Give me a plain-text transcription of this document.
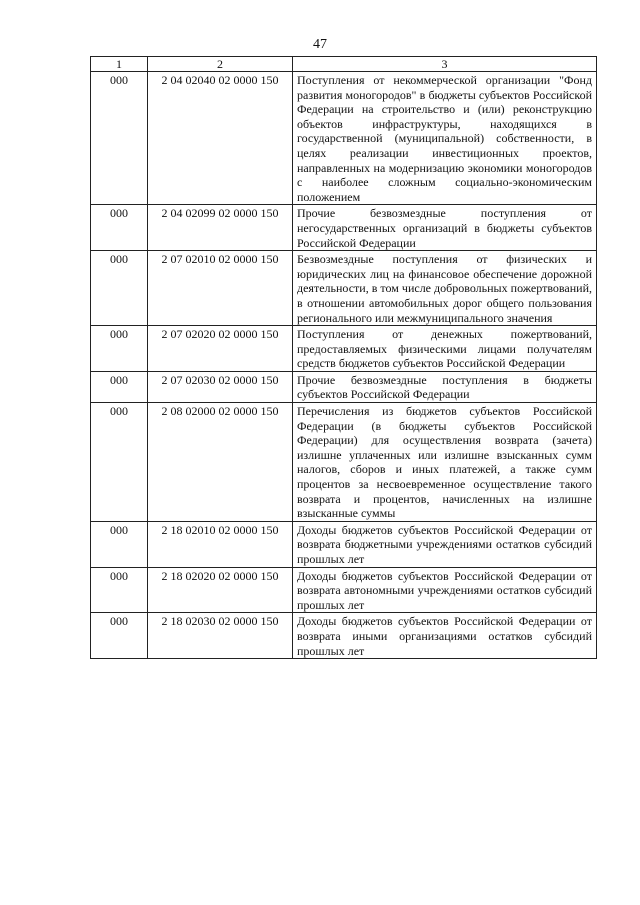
47
1	2	3
000	2 04 02040 02 0000 150	Поступления от некоммерческой организации "Фонд развития моногородов" в бюджеты субъектов Российской Федерации на строительство и (или) реконструкцию объектов инфраструктуры, находящихся в государственной (муниципальной) собственности, в целях реализации инвестиционных проектов, направленных на модернизацию экономики моногородов с наиболее сложным социально-экономическим положением
000	2 04 02099 02 0000 150	Прочие безвозмездные поступления от негосударственных организаций в бюджеты субъектов Российской Федерации
000	2 07 02010 02 0000 150	Безвозмездные поступления от физических и юридических лиц на финансовое обеспечение дорожной деятельности, в том числе добровольных пожертвований, в отношении автомобильных дорог общего пользования регионального или межмуниципального значения
000	2 07 02020 02 0000 150	Поступления от денежных пожертвований, предоставляемых физическими лицами получателям средств бюджетов субъектов Российской Федерации
000	2 07 02030 02 0000 150	Прочие безвозмездные поступления в бюджеты субъектов Российской Федерации
000	2 08 02000 02 0000 150	Перечисления из бюджетов субъектов Российской Федерации (в бюджеты субъектов Российской Федерации) для осуществления возврата (зачета) излишне уплаченных или излишне взысканных сумм налогов, сборов и иных платежей, а также сумм процентов за несвоевременное осуществление такого возврата и процентов, начисленных на излишне взысканные суммы
000	2 18 02010 02 0000 150	Доходы бюджетов субъектов Российской Федерации от возврата бюджетными учреждениями остатков субсидий прошлых лет
000	2 18 02020 02 0000 150	Доходы бюджетов субъектов Российской Федерации от возврата автономными учреждениями остатков субсидий прошлых лет
000	2 18 02030 02 0000 150	Доходы бюджетов субъектов Российской Федерации от возврата иными организациями остатков субсидий прошлых лет
